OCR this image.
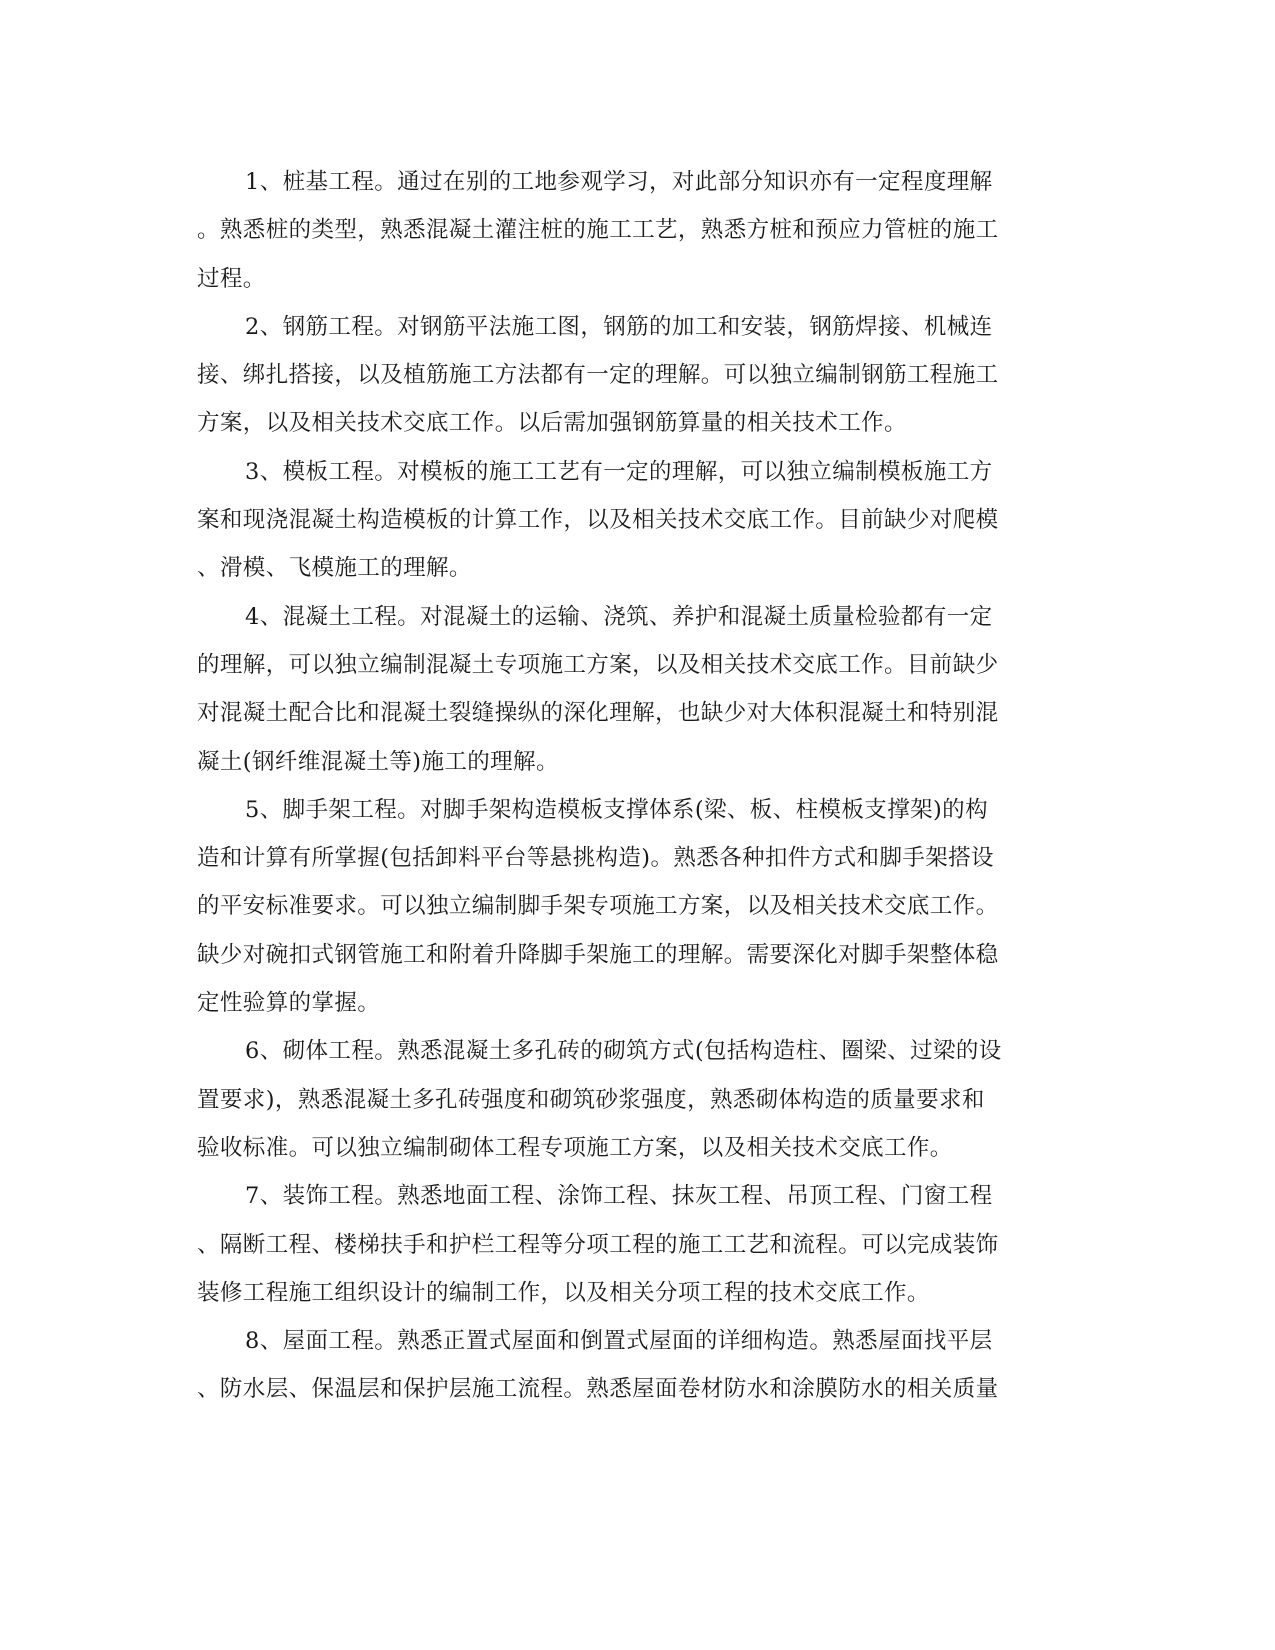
1、桩基工程。通过在别的工地参观学习，对此部分知识亦有一定程度理解
。熟悉桩的类型，熟悉混凝土灌注桩的施工工艺，熟悉方桩和预应力管桩的施工
过程。
2、钢筋工程。对钢筋平法施工图，钢筋的加工和安装，钢筋焊接、机械连
接、绑扎搭接，以及植筋施工方法都有一定的理解。可以独立编制钢筋工程施工
方案，以及相关技术交底工作。以后需加强钢筋算量的相关技术工作。
3、模板工程。对模板的施工工艺有一定的理解，可以独立编制模板施工方
案和现浇混凝土构造模板的计算工作，以及相关技术交底工作。目前缺少对爬模
、滑模、飞模施工的理解。
4、混凝土工程。对混凝土的运输、浇筑、养护和混凝土质量检验都有一定
的理解，可以独立编制混凝土专项施工方案，以及相关技术交底工作。目前缺少
对混凝土配合比和混凝土裂缝操纵的深化理解，也缺少对大体积混凝土和特别混
凝土(钢纤维混凝土等)施工的理解。
5、脚手架工程。对脚手架构造模板支撑体系(梁、板、柱模板支撑架)的构
造和计算有所掌握(包括卸料平台等悬挑构造)。熟悉各种扣件方式和脚手架搭设
的平安标准要求。可以独立编制脚手架专项施工方案，以及相关技术交底工作。
缺少对碗扣式钢管施工和附着升降脚手架施工的理解。需要深化对脚手架整体稳
定性验算的掌握。
6、砌体工程。熟悉混凝土多孔砖的砌筑方式(包括构造柱、圈梁、过梁的设
置要求)，熟悉混凝土多孔砖强度和砌筑砂浆强度，熟悉砌体构造的质量要求和
验收标准。可以独立编制砌体工程专项施工方案，以及相关技术交底工作。
7、装饰工程。熟悉地面工程、涂饰工程、抹灰工程、吊顶工程、门窗工程
、隔断工程、楼梯扶手和护栏工程等分项工程的施工工艺和流程。可以完成装饰
装修工程施工组织设计的编制工作，以及相关分项工程的技术交底工作。
8、屋面工程。熟悉正置式屋面和倒置式屋面的详细构造。熟悉屋面找平层
、防水层、保温层和保护层施工流程。熟悉屋面卷材防水和涂膜防水的相关质量
